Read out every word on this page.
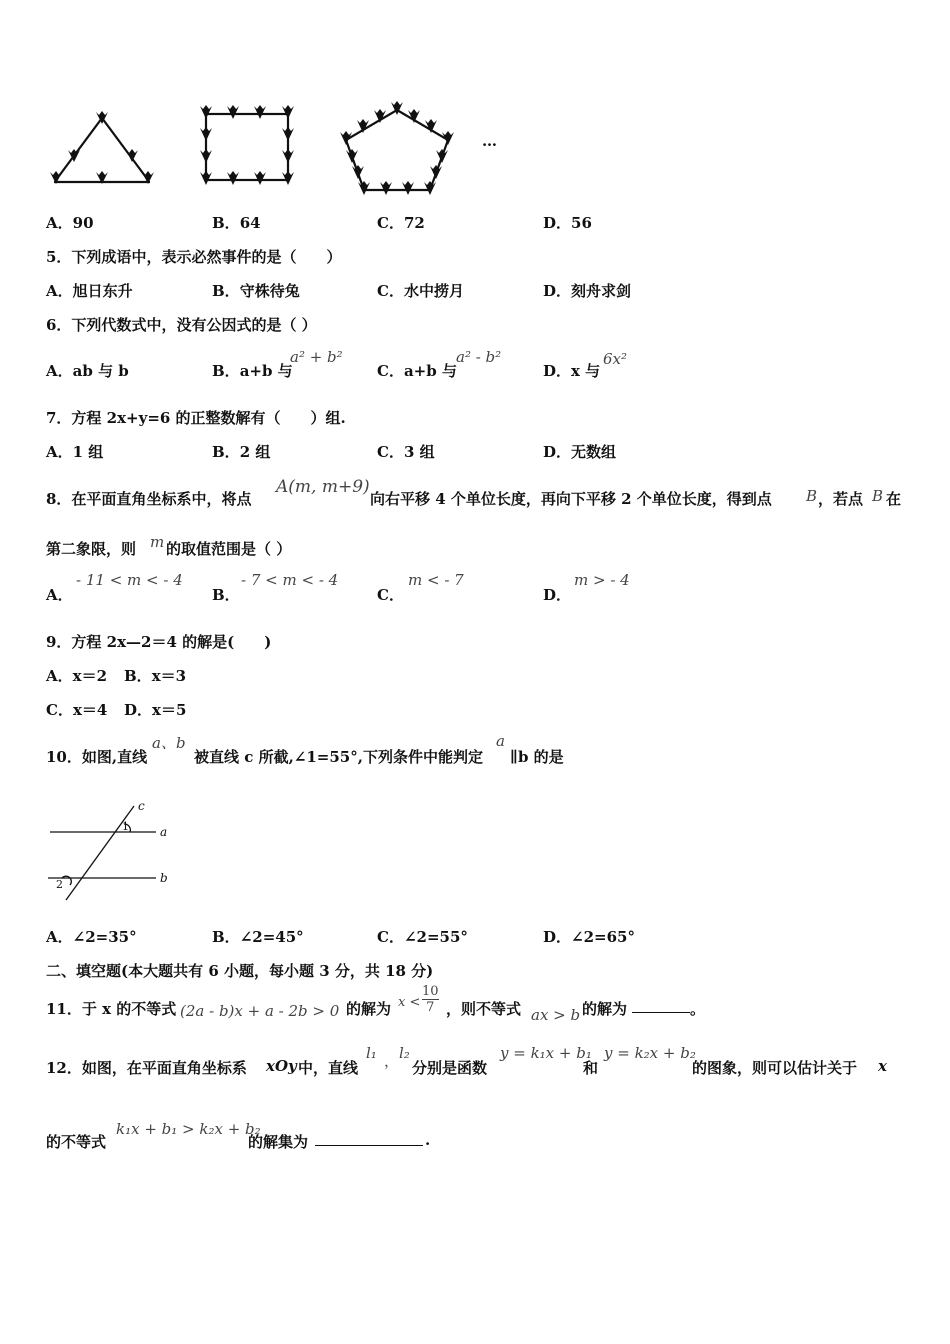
…
A．90	B．64	C．72	D．56
5．下列成语中，表示必然事件的是（　　）
A．旭日东升	B．守株待兔	C．水中捞月	D．刻舟求剑
6．下列代数式中，没有公因式的是（ ）
A．ab 与 b	B．a+b 与
a² + b²
C．a+b 与
a² - b²
D．x 与
6x²
7．方程 2x+y=6 的正整数解有（　　）组.
A．1 组	B．2 组	C．3 组	D．无数组
8．在平面直角坐标系中，将点
A(m, m+9)
向右平移 4 个单位长度，再向下平移 2 个单位长度，得到点 B ，若点 B 在
第二象限，则 m 的取值范围是（ ）
A．
- 11 < m < - 4
B．
- 7 < m < - 4
C．
m < - 7
D．
m > - 4
9．方程 2x—2＝4 的解是(　　)
A．x＝2 B．x＝3
C．x＝4 D．x＝5
10．如图,直线
a、b
被直线 c 所截,∠1=55°,下列条件中能判定
a
∥b 的是
c
a
b
1
2
A．∠2=35°	B．∠2=45°	C．∠2=55°	D．∠2=65°
二、填空题(本大题共有 6 小题，每小题 3 分，共 18 分)
11．于 x 的不等式 (2a - b)x + a - 2b > 0 的解为 $x < \frac{10}{7}$ ，则不等式 ax > b 的解为	。
12．如图，在平面直角坐标系 xOy 中，直线
l₁ ， l₂
分别是函数
y = k₁x + b₁
和
y = k₂x + b₂
的图象，则可以估计关于 x
的不等式
k₁x + b₁ > k₂x + b₂
的解集为	.
